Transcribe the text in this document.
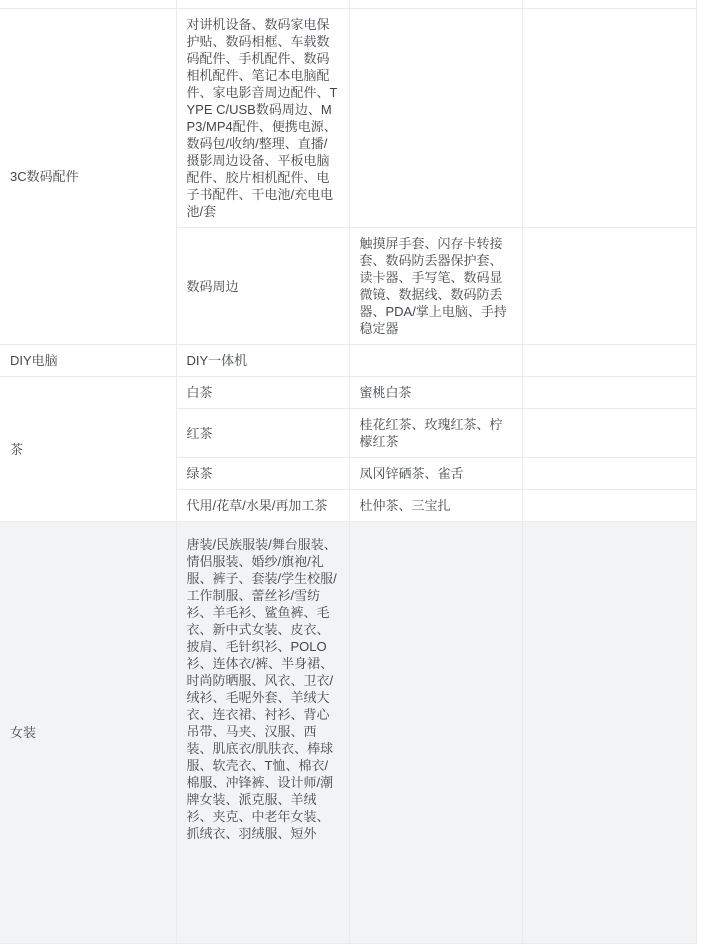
3C数码配件	对讲机设备、数码家电保护贴、数码相框、车载数码配件、手机配件、数码相机配件、笔记本电脑配件、家电影音周边配件、TYPE C/USB数码周边、MP3/MP4配件、便携电源、数码包/收纳/整理、直播/摄影周边设备、平板电脑配件、胶片相机配件、电子书配件、干电池/充电电池/套		
	数码周边	触摸屏手套、闪存卡转接套、数码防丢器保护套、读卡器、手写笔、数码显微镜、数据线、数码防丢器、PDA/掌上电脑、手持稳定器	
DIY电脑	DIY一体机		
茶	白茶	蜜桃白茶	
	红茶	桂花红茶、玫瑰红茶、柠檬红茶	
	绿茶	凤冈锌硒茶、雀舌	
	代用/花草/水果/再加工茶	杜仲茶、三宝扎	
女装	唐装/民族服装/舞台服装、情侣服装、婚纱/旗袍/礼服、裤子、套装/学生校服/工作制服、蕾丝衫/雪纺衫、羊毛衫、鲨鱼裤、毛衣、新中式女装、皮衣、披肩、毛针织衫、POLO衫、连体衣/裤、半身裙、时尚防晒服、风衣、卫衣/绒衫、毛呢外套、羊绒大衣、连衣裙、衬衫、背心吊带、马夹、汉服、西装、肌底衣/肌肤衣、棒球服、软壳衣、T恤、棉衣/棉服、冲锋裤、设计师/潮牌女装、派克服、羊绒衫、夹克、中老年女装、抓绒衣、羽绒服、短外		
